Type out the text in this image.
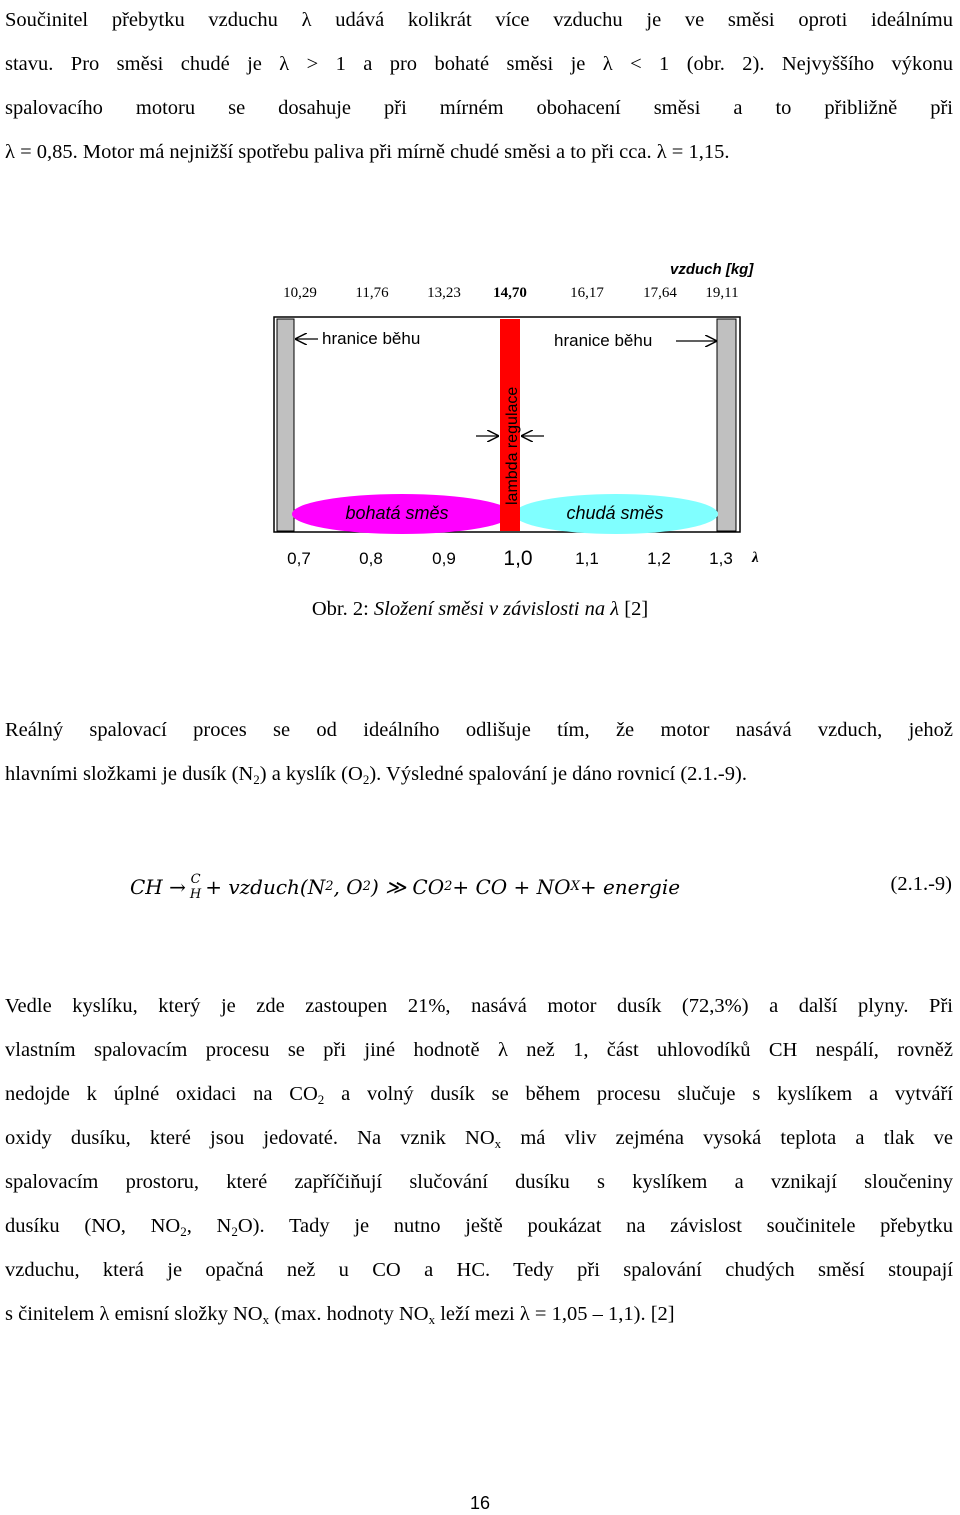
Součinitel přebytku vzduchu λ udává kolikrát více vzduchu je ve směsi oproti ideálnímu
stavu. Pro směsi chudé je λ > 1 a pro bohaté směsi je λ < 1 (obr. 2). Nejvyššího výkonu
spalovacího motoru se dosahuje při mírném obohacení směsi a to přibližně při
λ = 0,85. Motor má nejnižší spotřebu paliva při mírně chudé směsi a to při cca. λ = 1,15.
vzduch [kg]
10,29	11,76	13,23 14,70	16,17	17,64 19,11
lambda regulace
hranice běhu	hranice běhu
bohatá směs	chudá směs
0,7	0,8	0,9 1,0	1,1	1,2 1,3 λ
Obr. 2: Složení směsi v závislosti na λ [2]
Reálný spalovací proces se od ideálního odlišuje tím, že motor nasává vzduch, jehož
hlavními složkami je dusík $(N_2)$ a kyslík $(O_2)$. Výsledné spalování je dáno rovnicí (2.1.-9).
CH
→ C
H + vzduch(N 2 , O 2 ) ≫ CO 2 + CO + NO X + energie	(2.1.-9)
Vedle kyslíku, který je zde zastoupen 21%, nasává motor dusík (72,3%) a další plyny. Při
vlastním spalovacím procesu se při jiné hodnotě λ než 1, část uhlovodíků CH nespálí, rovněž
nedojde k úplné oxidaci na $CO_2$ a volný dusík se během procesu slučuje s kyslíkem a vytváří
oxidy dusíku, které jsou jedovaté. Na vznik $NO_x$ má vliv zejména vysoká teplota a tlak ve
spalovacím prostoru, které zapříčiňují slučování dusíku s kyslíkem a vznikají sloučeniny
dusíku (NO, $NO_2$, $N_2O$). Tady je nutno ještě poukázat na závislost součinitele přebytku
vzduchu, která je opačná než u CO a HC. Tedy při spalování chudých směsí stoupají
s činitelem λ emisní složky $NO_x$ (max. hodnoty $NO_x$ leží mezi λ = 1,05 – 1,1). [2]
16
